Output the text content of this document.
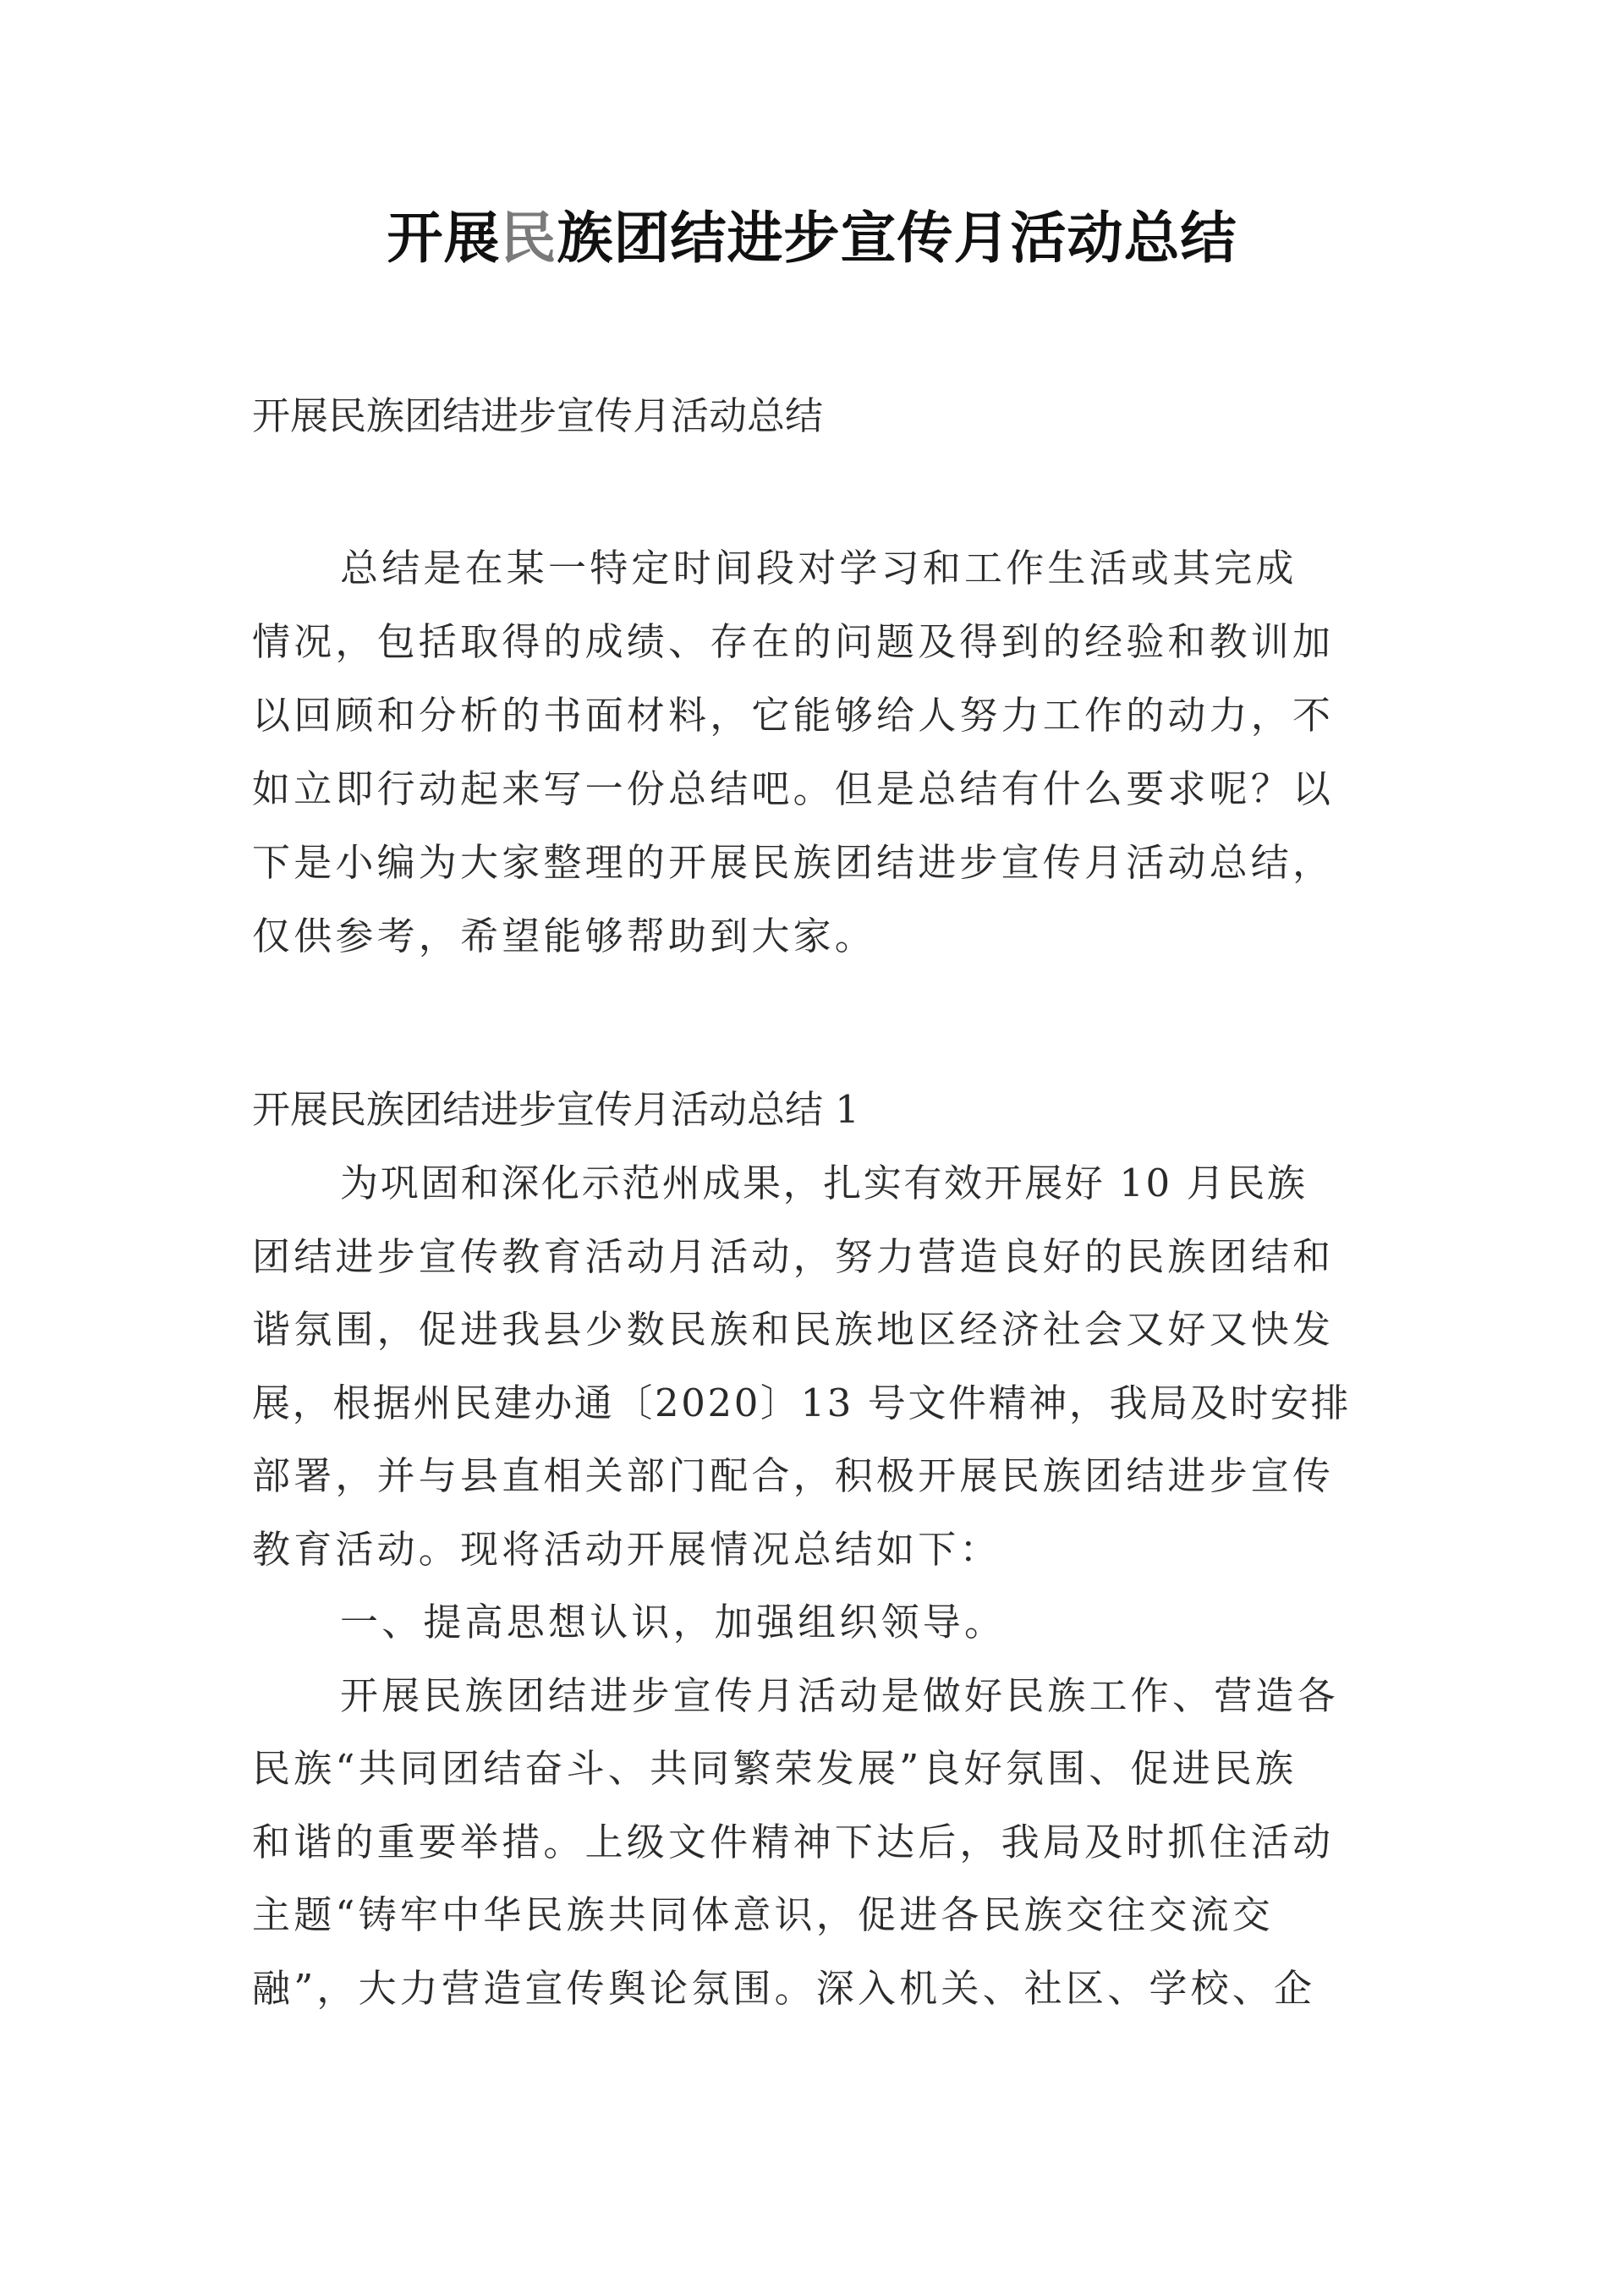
开展民族团结进步宣传月活动总结
开展民族团结进步宣传月活动总结
总结是在某一特定时间段对学习和工作生活或其完成
情况，包括取得的成绩、存在的问题及得到的经验和教训加
以回顾和分析的书面材料，它能够给人努力工作的动力，不
如立即行动起来写一份总结吧。但是总结有什么要求呢？以
下是小编为大家整理的开展民族团结进步宣传月活动总结，
仅供参考，希望能够帮助到大家。
开展民族团结进步宣传月活动总结 1
为巩固和深化示范州成果，扎实有效开展好 10 月民族
团结进步宣传教育活动月活动，努力营造良好的民族团结和
谐氛围，促进我县少数民族和民族地区经济社会又好又快发
展，根据州民建办通〔2020〕13 号文件精神，我局及时安排
部署，并与县直相关部门配合，积极开展民族团结进步宣传
教育活动。现将活动开展情况总结如下：
一、提高思想认识，加强组织领导。
开展民族团结进步宣传月活动是做好民族工作、营造各
民族“共同团结奋斗、共同繁荣发展”良好氛围、促进民族
和谐的重要举措。上级文件精神下达后，我局及时抓住活动
主题“铸牢中华民族共同体意识，促进各民族交往交流交
融”，大力营造宣传舆论氛围。深入机关、社区、学校、企
